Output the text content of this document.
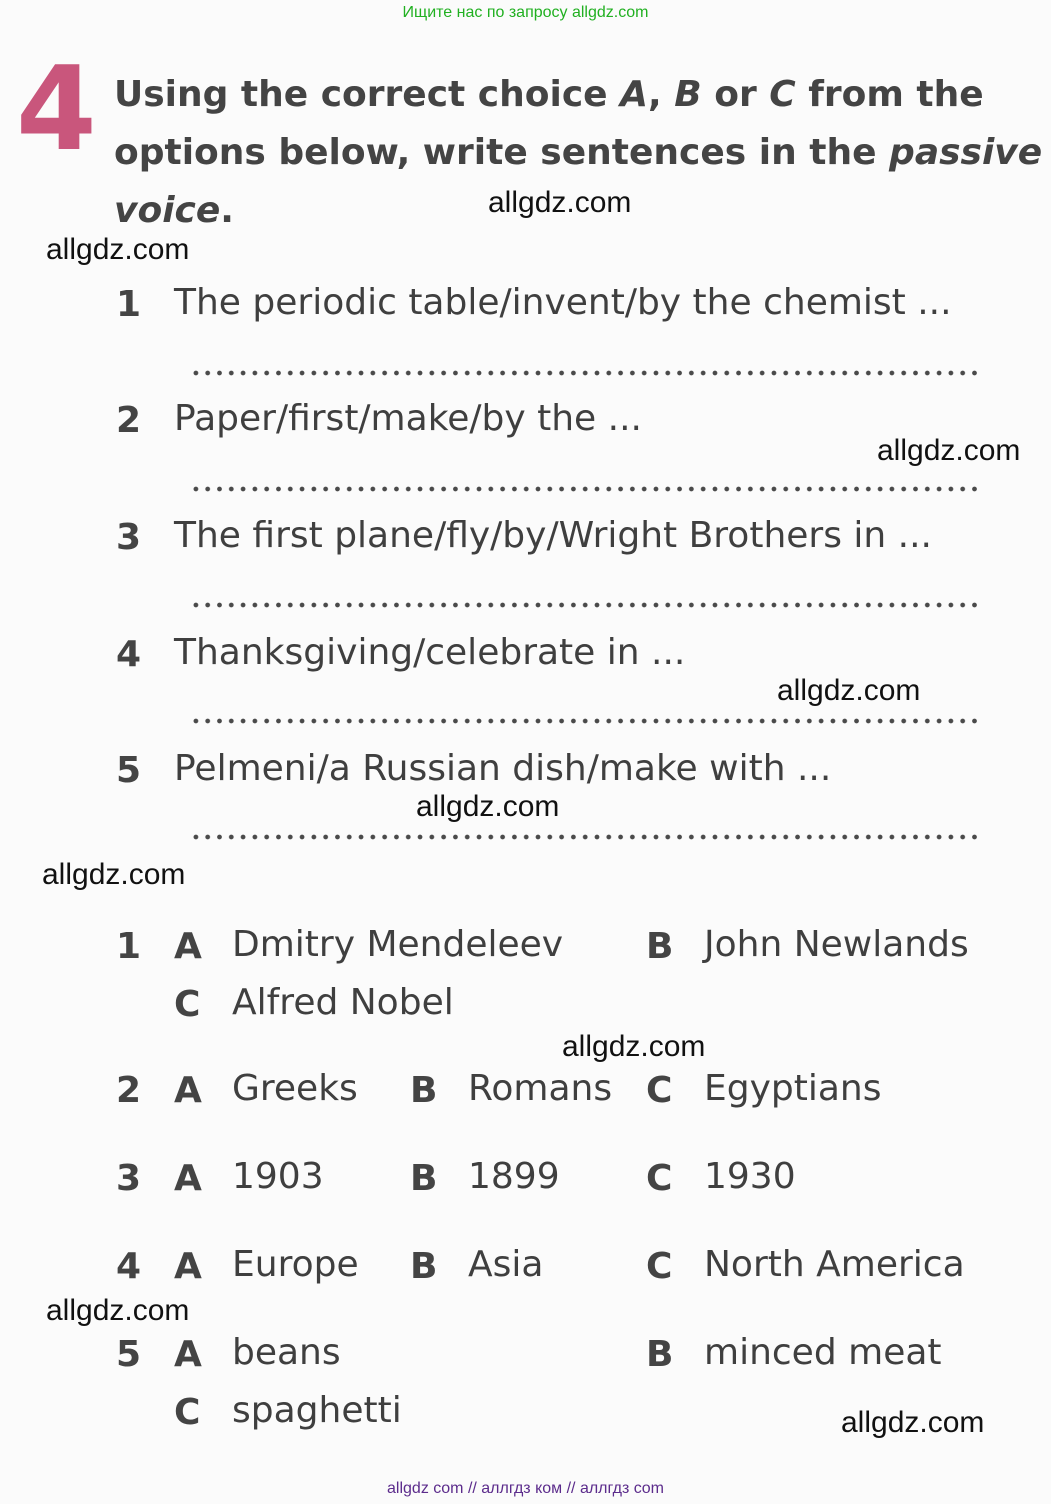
Ищите нас по запросу allgdz.com
4 Using the correct choice A, B or C from the
options below, write sentences in the passive
voice.
1 The periodic table/invent/by the chemist ...
2 Paper/first/make/by the ...
3 The first plane/fly/by/Wright Brothers in ...
4 Thanksgiving/celebrate in ...
5 Pelmeni/a Russian dish/make with ...
1 A Dmitry Mendeleev B John Newlands
C Alfred Nobel
2 A Greeks B Romans C Egyptians
3 A 1903 B 1899 C 1930
4 A Europe B Asia	C North America
5 A beans	B minced meat
C spaghetti
allgdz.com
allgdz.com
allgdz.com
allgdz.com
allgdz.com
allgdz.com
allgdz.com
allgdz.com
allgdz.com
allgdz com // аллгдз ком // аллгдз com
